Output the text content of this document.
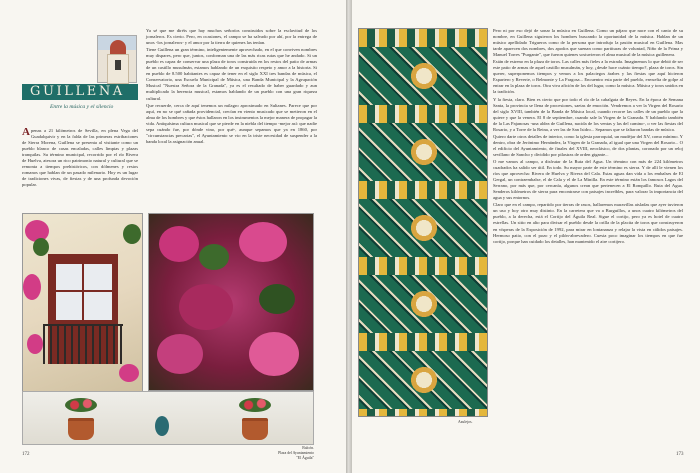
GUILLENA
Entre la música y el silencio
A penas a 21 kilómetros de Sevilla, en plena Vega del Guadalquivir y en la falda de las primeras estribaciones de Sierra Morena, Guillena se presenta al visitante como un pueblo blanco de casas encaladas, calles limpias y plazas tranquilas. Su término municipal, recorrido por el río Rivera de Huelva, atesora un rico patrimonio natural y cultural que se remonta a tiempos prehistóricos, con dólmenes y restos romanos que hablan de un pasado milenario. Hoy es un lugar de tradiciones vivas, de fiestas y de una profunda devoción popular.

Ya sé que me diréis que hay muchos señoríos construidos sobre la esclavitud de los jornaleros. Es cierto. Pero, en ocasiones, el campo se ha salvado por ahí, por la entrega de unos -los jornaleros- y el amor por la tierra de quienes las tenían.

Tiene Guillena un gran término, inteligentemente aprovechado, en el que conviven nombres muy dispares, pero que, juntos, conforman una de las más ricas rutas que he andado. Si un pueblo es capaz de conservar una plaza de toros construida en los restos del patio de armas de un castillo musulmán, estamos hablando de un exquisito respeto y amor a la historia. Si en pueblo de 8.500 habitantes es capaz de tener en el siglo XXI tres bandas de música, el Conservatorio, una Escuela Municipal de Música, una Banda Municipal y la Agrupación Musical "Nuestra Señora de la Granada", ya es el resultado de haber guardado y aun multiplicado la herencia musical, estamos hablando de un pueblo con una gran riqueza cultural.

Que recuerde, cerca de aquí tenemos un milagro aproximado en Sultanes. Parece que por aquí, en no se qué cañada providencial, crecían en viento musicado que se metieron en el alma de los hombres y que éstos hallaron en los instrumentos la mejor manera de propagar la vida. Antiquísima cultura musical que se pierde en la niebla del tiempo -mejor así: que nadie sepa cuándo fue, por dónde vino, por qué-, aunque sepamos que ya en 1860, por "circunstancias precarias", el Ayuntamiento se vio en la triste necesidad de suspender a la banda local la asignación anual.

Balcón.
Plaza del Ayuntamiento
"El Águila"
172
Azulejos.

Pero ni por eso dejó de sonar la música en Guillena. Como un pájaro que nace con el canto de su nombre, en Guillena siguieron los hombres buscando la oportunidad de la música. Hablan de un músico apellidado Trigueros como de la persona que introdujo la pasión musical en Guillena. Mas tarde aparecen dos nombres, dos apodos que suenan como partituras de voluntad, Niño de la Prima y Manuel Torres "Purgante", que fueron quienes sostuvieron el alma musical de la música guillenera.

Están de estreno en la plaza de toros. Las calles más fieles a la estrada. Imaginemos lo que debió de ser este patio de armas de aquel castillo musulmán, y hoy, ¿desde hace cuánto tiempo?, plaza de toros. Sin querer, superponemos tiempos y vemos a los palaciegos árabes y las fiestas que aquí hicieron Espartero y Reverte, o Belmonte y La Fragosa... Encuentro esta parte del pueblo, envuelta de golpe al entrar en la plaza de toros. Otra viva afición de los del lugar, como la música. Música y toros unidos en la tradición.

Y la fiesta, claro. Bien es cierto que por todo el río de la cabalgata de Reyes. En la época de Semana Santa, la provincia se llena de procesiones, saetas de emoción. Vendremos a ver la Virgen del Rosario del siglo XVIII, también de la Banda de Música local, cuando recorre las calles de un pueblo que la quiere y que la venera. El 8 de septiembre, cuando sale la Virgen de la Granada. Y hablando también de la Las Pajanosas -una aldea de Guillena, nacida de los ventas y las del camino-, o ver las fiestas del Rosario, y a Torre de la Reina, a ver las de San Isidro... Sepamos que se faltaron bandas de música.

Quiero darte otros detalles de interior, como la iglesia parroquial, un mudéjar del XV, como mínimo. Y dentro, obra de Jerónimo Hernández, la Virgen de la Granada, al igual que una Virgen del Rosario... O el edificio del Ayuntamiento, de finales del XVIII, neoclásico, de dos plantas, coronado por un reloj sevillano de Sancho y dividido por pilastras de orden gigante...

O me vamos al campo, a disfrutar de la Ruta del Agua. Un término con más de 224 kilómetros cuadrados ha salido ser útil. En todo. Su mayor parte de este término es sierra. Y de allí le vienen los ríos que aprovecha: Rivera de Huelva y Rivera del Cala. Estas aguas dan vida a los embalses de El Gergal, un contraembalse, el de Cala y el de La Minilla. En este término están los famosos Lagos del Serrano, por más que, por cercanía, algunos crean que pertenecen a El Ronquillo. Ruta del Agua. Senderos kilómetros de sierra para encontrarse con paisajes increíbles, para valorar la importancia del agua y sus entornos.

Claro que en el campo, repartido por tierras de rasos, hallaremos maravillas aisladas que ayer tuvieron un uso y hoy otro muy distinto. En la carretera que va a Burguillos, a unos cuatro kilómetros del pueblo, a la derecha, está el Cortijo del Águila Real. Sigue el cortijo, pero ya es hotel de cuatro estrellas. Un sitio en alto para divisar el pueblo desde la orilla de la placita de toros que construyeron en vísperas de la Exposición de 1992, para mirar en lontananza y relajar la vista en cálidos paisajes. Hermoso patio, con el pozo y el pilón-abrevadero. Cuesta poco imaginar los tiempos en que fue cortijo, porque han cuidado los detalles, han mantenido el aire cortijero.

173
